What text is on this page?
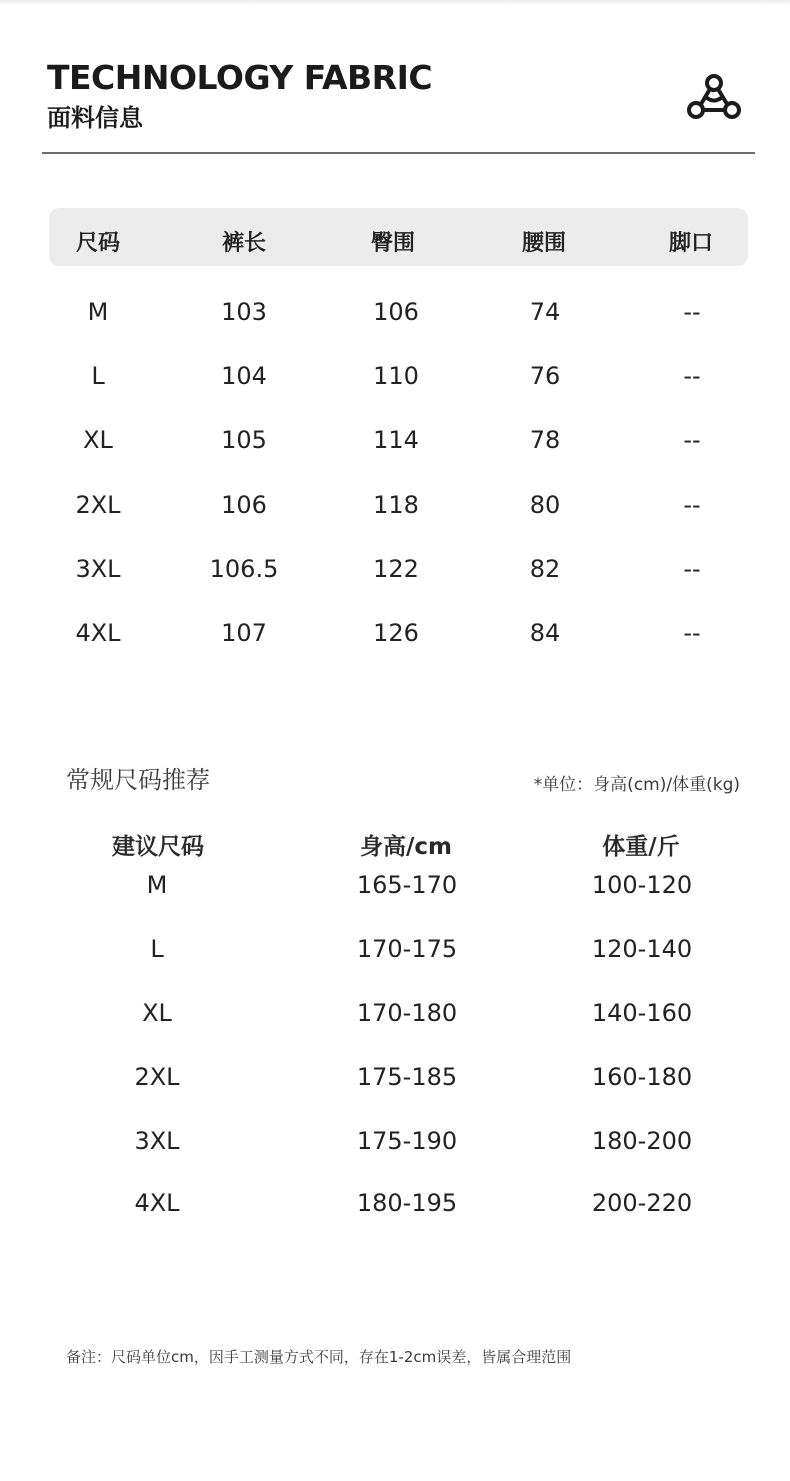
TECHNOLOGY FABRIC
面料信息
尺码	裤长	臀围	腰围	脚口
M	103	106	74	--
L	104	110	76	--
XL	105	114	78	--
2XL	106	118	80	--
3XL	106.5	122	82	--
4XL	107	126	84	--
常规尺码推荐	*单位：身高(cm)/体重(kg)
建议尺码	身高/cm	体重/斤
M	165-170	100-120
L	170-175	120-140
XL	170-180	140-160
2XL	175-185	160-180
3XL	175-190	180-200
4XL	180-195	200-220
备注：尺码单位cm，因手工测量方式不同，存在1-2cm误差，皆属合理范围
